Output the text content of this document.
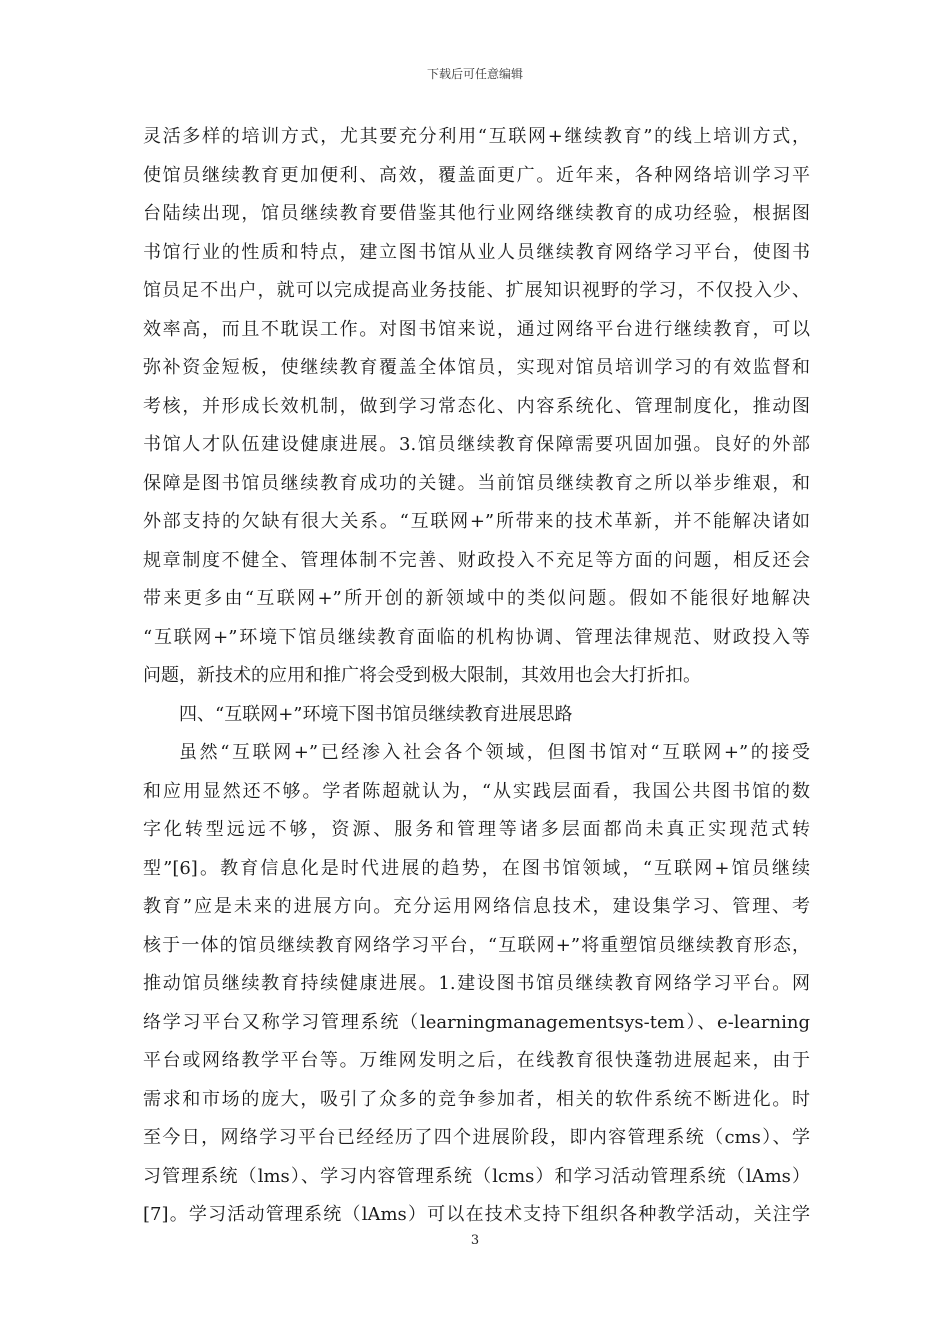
下载后可任意编辑
灵活多样的培训方式，尤其要充分利用“互联网+继续教育”的线上培训方式，
使馆员继续教育更加便利、高效，覆盖面更广。近年来，各种网络培训学习平
台陆续出现，馆员继续教育要借鉴其他行业网络继续教育的成功经验，根据图
书馆行业的性质和特点，建立图书馆从业人员继续教育网络学习平台，使图书
馆员足不出户，就可以完成提高业务技能、扩展知识视野的学习，不仅投入少、
效率高，而且不耽误工作。对图书馆来说，通过网络平台进行继续教育，可以
弥补资金短板，使继续教育覆盖全体馆员，实现对馆员培训学习的有效监督和
考核，并形成长效机制，做到学习常态化、内容系统化、管理制度化，推动图
书馆人才队伍建设健康进展。3.馆员继续教育保障需要巩固加强。良好的外部
保障是图书馆员继续教育成功的关键。当前馆员继续教育之所以举步维艰，和
外部支持的欠缺有很大关系。“互联网+”所带来的技术革新，并不能解决诸如
规章制度不健全、管理体制不完善、财政投入不充足等方面的问题，相反还会
带来更多由“互联网+”所开创的新领域中的类似问题。假如不能很好地解决
“互联网+”环境下馆员继续教育面临的机构协调、管理法律规范、财政投入等
问题，新技术的应用和推广将会受到极大限制，其效用也会大打折扣。
四、“互联网+”环境下图书馆员继续教育进展思路
虽然“互联网+”已经渗入社会各个领域，但图书馆对“互联网+”的接受
和应用显然还不够。学者陈超就认为，“从实践层面看，我国公共图书馆的数
字化转型远远不够，资源、服务和管理等诸多层面都尚未真正实现范式转
型”[6]。教育信息化是时代进展的趋势，在图书馆领域，“互联网+馆员继续
教育”应是未来的进展方向。充分运用网络信息技术，建设集学习、管理、考
核于一体的馆员继续教育网络学习平台，“互联网+”将重塑馆员继续教育形态，
推动馆员继续教育持续健康进展。1.建设图书馆员继续教育网络学习平台。网
络学习平台又称学习管理系统（learningmanagementsys-tem）、e-learning
平台或网络教学平台等。万维网发明之后，在线教育很快蓬勃进展起来，由于
需求和市场的庞大，吸引了众多的竞争参加者，相关的软件系统不断进化。时
至今日，网络学习平台已经经历了四个进展阶段，即内容管理系统（cms）、学
习管理系统（lms）、学习内容管理系统（lcms）和学习活动管理系统（lAms）
[7]。学习活动管理系统（lAms）可以在技术支持下组织各种教学活动，关注学
3
